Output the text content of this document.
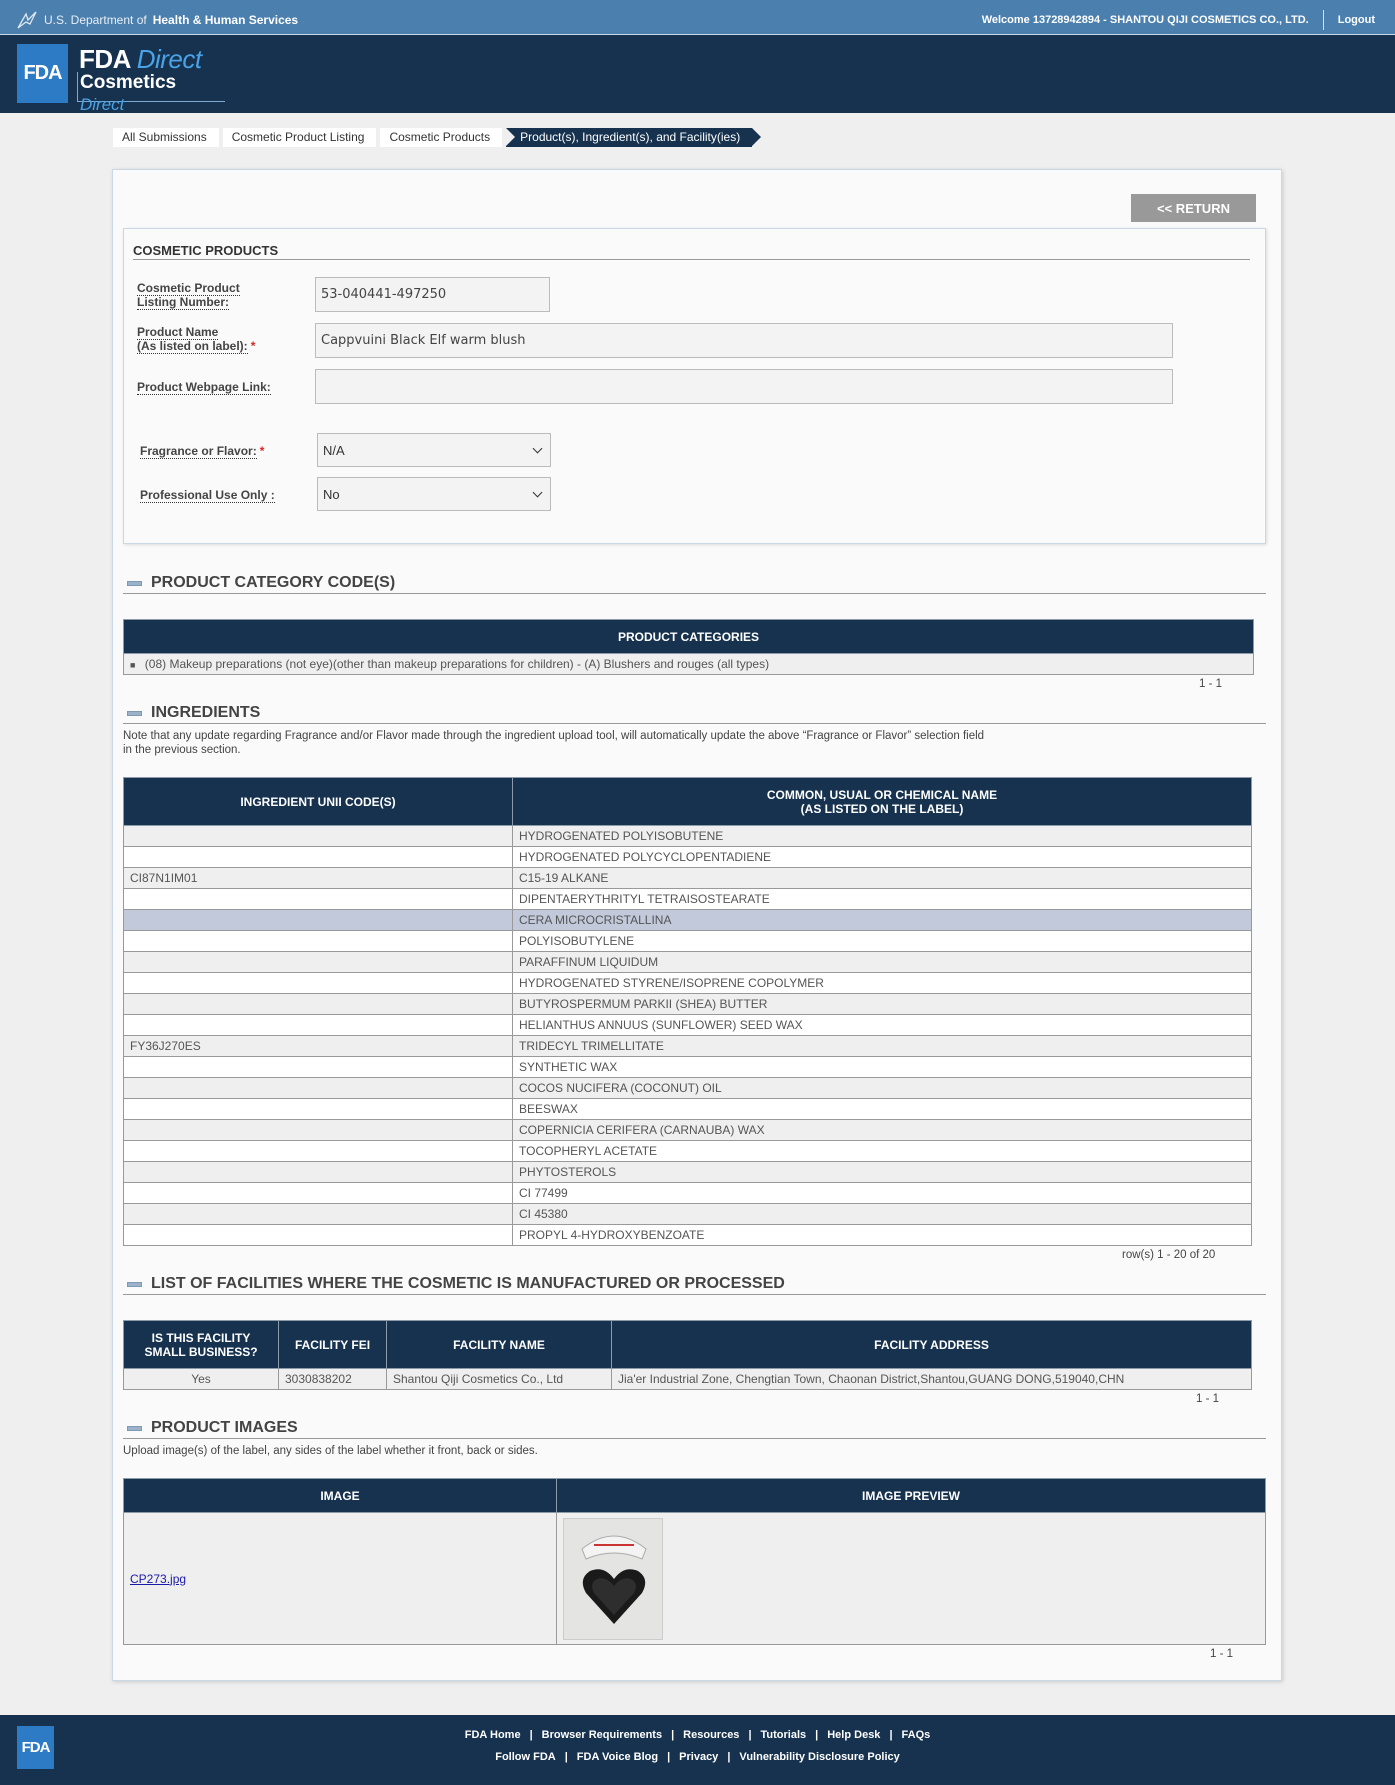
U.S. Department of Health & Human Services	Welcome 13728942894 - SHANTOU QIJI COSMETICS CO., LTD.	Logout
FDA FDA Direct
Cosmetics Direct
All Submissions	Cosmetic Product Listing	Cosmetic Products	Product(s), Ingredient(s), and Facility(ies)
<< RETURN
COSMETIC PRODUCTS
Cosmetic Product
Listing Number:	53-040441-497250
Product Name
(As listed on label): *	Cappvuini Black Elf warm blush
Product Webpage Link:
Fragrance or Flavor: *	N/A
Professional Use Only :	No
PRODUCT CATEGORY CODE(S)
PRODUCT CATEGORIES
■ (08) Makeup preparations (not eye)(other than makeup preparations for children) - (A) Blushers and rouges (all types)
1 - 1
INGREDIENTS
Note that any update regarding Fragrance and/or Flavor made through the ingredient upload tool, will automatically update the above “Fragrance or Flavor” selection field
in the previous section.
INGREDIENT UNII CODE(S)	COMMON, USUAL OR CHEMICAL NAME
(AS LISTED ON THE LABEL)
	HYDROGENATED POLYISOBUTENE
	HYDROGENATED POLYCYCLOPENTADIENE
CI87N1IM01	C15-19 ALKANE
	DIPENTAERYTHRITYL TETRAISOSTEARATE
	CERA MICROCRISTALLINA
	POLYISOBUTYLENE
	PARAFFINUM LIQUIDUM
	HYDROGENATED STYRENE/ISOPRENE COPOLYMER
	BUTYROSPERMUM PARKII (SHEA) BUTTER
	HELIANTHUS ANNUUS (SUNFLOWER) SEED WAX
FY36J270ES	TRIDECYL TRIMELLITATE
	SYNTHETIC WAX
	COCOS NUCIFERA (COCONUT) OIL
	BEESWAX
	COPERNICIA CERIFERA (CARNAUBA) WAX
	TOCOPHERYL ACETATE
	PHYTOSTEROLS
	CI 77499
	CI 45380
	PROPYL 4-HYDROXYBENZOATE
row(s) 1 - 20 of 20
LIST OF FACILITIES WHERE THE COSMETIC IS MANUFACTURED OR PROCESSED
IS THIS FACILITY
SMALL BUSINESS?	FACILITY FEI	FACILITY NAME	FACILITY ADDRESS
Yes	3030838202	Shantou Qiji Cosmetics Co., Ltd	Jia'er Industrial Zone, Chengtian Town, Chaonan District,Shantou,GUANG DONG,519040,CHN
1 - 1
PRODUCT IMAGES
Upload image(s) of the label, any sides of the label whether it front, back or sides.
IMAGE	IMAGE PREVIEW
CP273.jpg	
1 - 1
FDA
FDA Home | Browser Requirements | Resources | Tutorials | Help Desk | FAQs
Follow FDA | FDA Voice Blog | Privacy | Vulnerability Disclosure Policy
